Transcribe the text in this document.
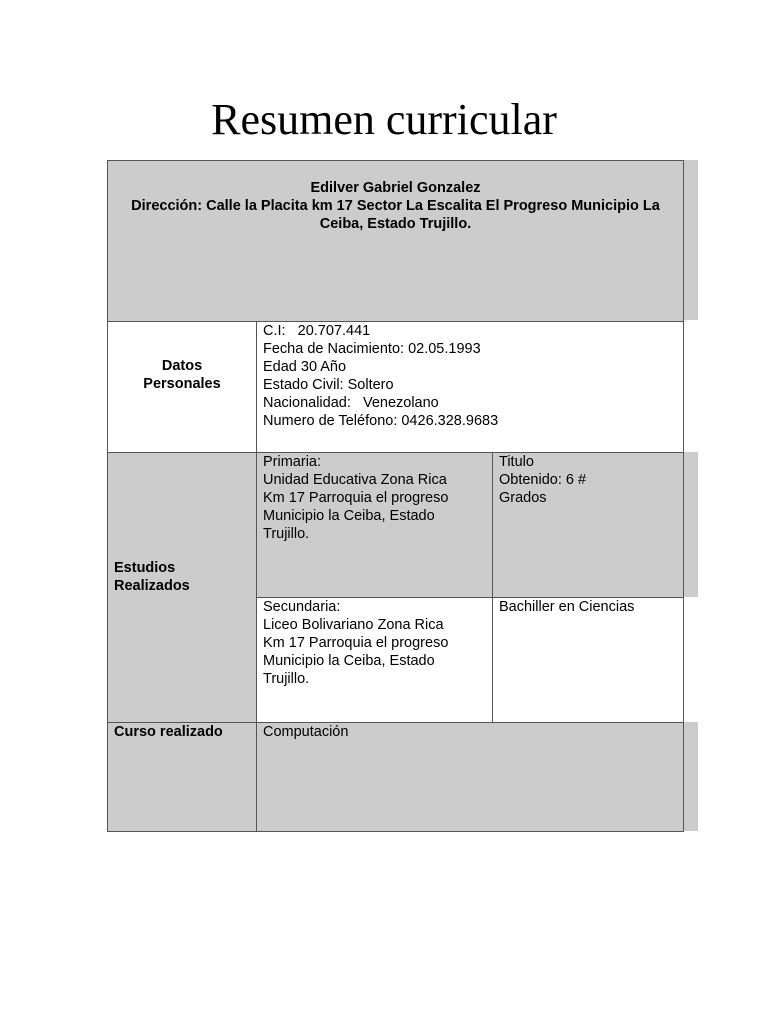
Resumen curricular
Edilver Gabriel Gonzalez
Dirección: Calle la Placita km 17 Sector La Escalita El Progreso Municipio La
Ceiba, Estado Trujillo.
Datos
Personales
C.I:   20.707.441
Fecha de Nacimiento: 02.05.1993
Edad 30 Año
Estado Civil: Soltero
Nacionalidad:   Venezolano
Numero de Teléfono: 0426.328.9683
Estudios
Realizados
Primaria:
Unidad Educativa Zona Rica
Km 17 Parroquia el progreso
Municipio la Ceiba, Estado
Trujillo.
Titulo
Obtenido: 6 #
Grados
Secundaria:
Liceo Bolivariano Zona Rica
Km 17 Parroquia el progreso
Municipio la Ceiba, Estado
Trujillo.
Bachiller en Ciencias
Curso realizado	Computación
